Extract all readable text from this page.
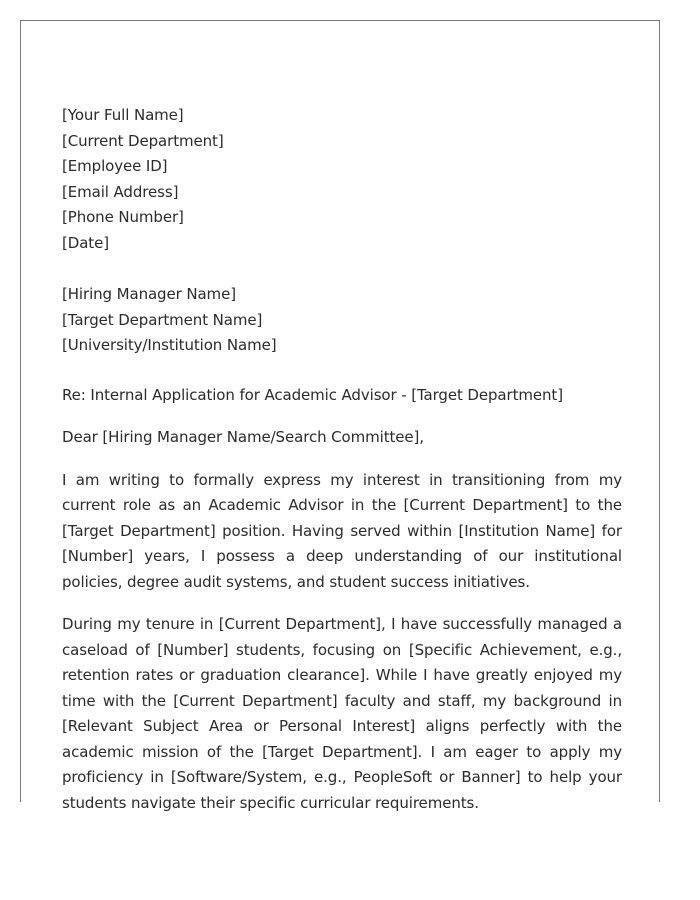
[Your Full Name]
[Current Department]
[Employee ID]
[Email Address]
[Phone Number]
[Date]
[Hiring Manager Name]
[Target Department Name]
[University/Institution Name]
Re: Internal Application for Academic Advisor - [Target Department]
Dear [Hiring Manager Name/Search Committee],

I am writing to formally express my interest in transitioning from my current role as an Academic Advisor in the [Current Department] to the [Target Department] position. Having served within [Institution Name] for [Number] years, I possess a deep understanding of our institutional policies, degree audit systems, and student success initiatives.

During my tenure in [Current Department], I have successfully managed a caseload of [Number] students, focusing on [Specific Achievement, e.g., retention rates or graduation clearance]. While I have greatly enjoyed my time with the [Current Department] faculty and staff, my background in [Relevant Subject Area or Personal Interest] aligns perfectly with the academic mission of the [Target Department]. I am eager to apply my proficiency in [Software/System, e.g., PeopleSoft or Banner] to help your students navigate their specific curricular requirements.
